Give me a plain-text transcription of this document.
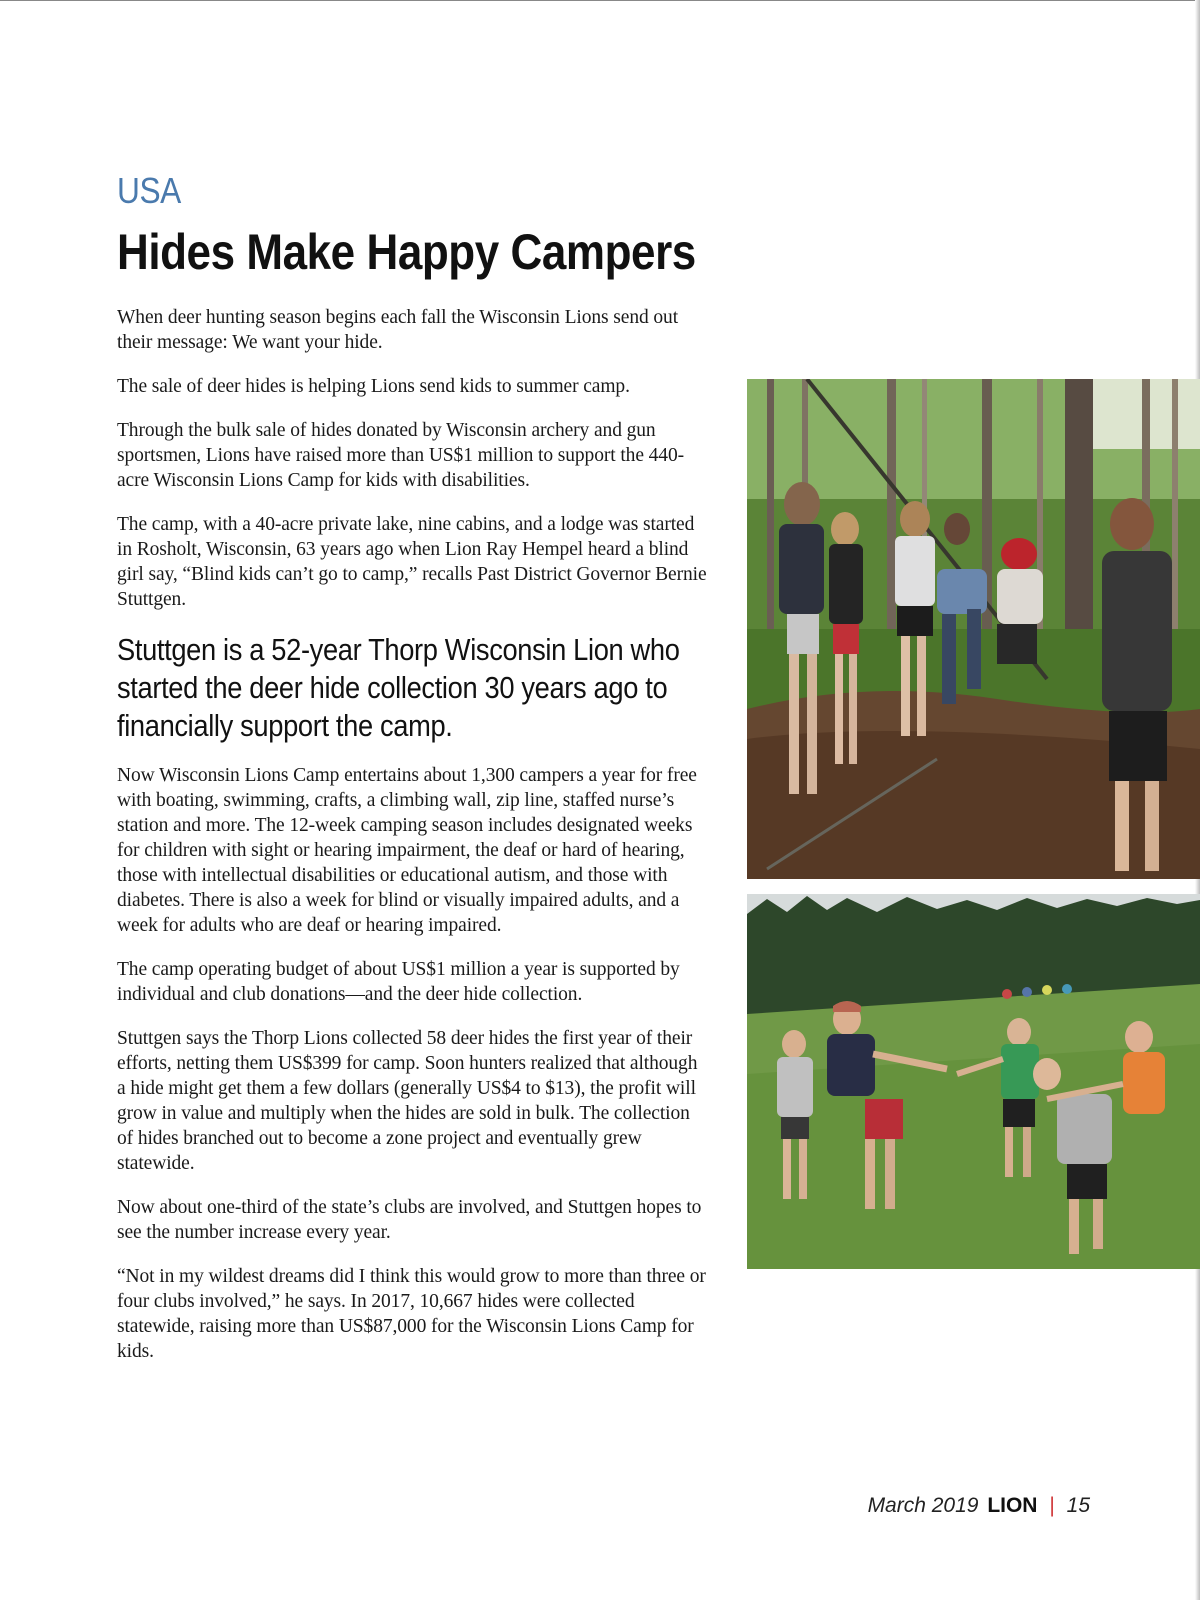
USA
Hides Make Happy Campers

When deer hunting season begins each fall the Wisconsin Lions send out their message: We want your hide.

The sale of deer hides is helping Lions send kids to summer camp.

Through the bulk sale of hides donated by Wisconsin archery and gun sportsmen, Lions have raised more than US$1 million to support the 440-acre Wisconsin Lions Camp for kids with disabilities.

The camp, with a 40-acre private lake, nine cabins, and a lodge was started in Rosholt, Wisconsin, 63 years ago when Lion Ray Hempel heard a blind girl say, “Blind kids can’t go to camp,” recalls Past District Governor Bernie Stuttgen.

Stuttgen is a 52-year Thorp Wisconsin Lion who started the deer hide collection 30 years ago to financially support the camp.

Now Wisconsin Lions Camp entertains about 1,300 campers a year for free with boating, swimming, crafts, a climbing wall, zip line, staffed nurse’s station and more. The 12-week camping season includes designated weeks for children with sight or hearing impairment, the deaf or hard of hearing, those with intellectual disabilities or educational autism, and those with diabetes. There is also a week for blind or visually impaired adults, and a week for adults who are deaf or hearing impaired.

The camp operating budget of about US$1 million a year is supported by individual and club donations—and the deer hide collection.

Stuttgen says the Thorp Lions collected 58 deer hides the first year of their efforts, netting them US$399 for camp. Soon hunters realized that although a hide might get them a few dollars (generally US$4 to $13), the profit will grow in value and multiply when the hides are sold in bulk. The collection of hides branched out to become a zone project and eventually grew statewide.

Now about one-third of the state’s clubs are involved, and Stuttgen hopes to see the number increase every year.

“Not in my wildest dreams did I think this would grow to more than three or four clubs involved,” he says. In 2017, 10,667 hides were collected statewide, raising more than US$87,000 for the Wisconsin Lions Camp for kids.

March 2019 LION | 15
